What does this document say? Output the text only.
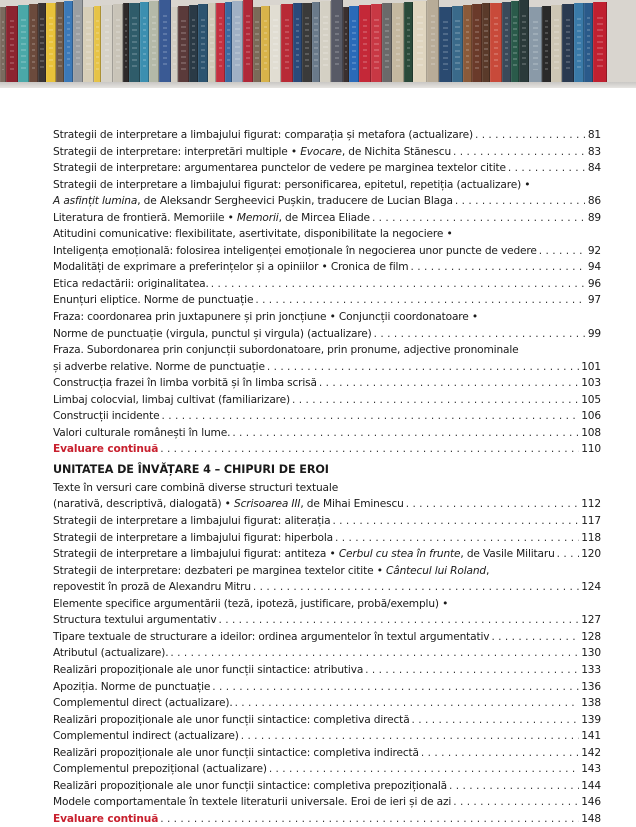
Strategii de interpretare a limbajului figurat: comparația și metafora (actualizare) . . .	81
Strategii de interpretare: interpretări multiple • Evocare, de Nichita Stănescu . . .	83
Strategii de interpretare: argumentarea punctelor de vedere pe marginea textelor citite . . .	84
Strategii de interpretare a limbajului figurat: personificarea, epitetul, repetiția (actualizare) •
A asfințit lumina, de Aleksandr Sergheevici Pușkin, traducere de Lucian Blaga . . .	86
Literatura de frontieră. Memoriile • Memorii, de Mircea Eliade . . .	89
Atitudini comunicative: flexibilitate, asertivitate, disponibilitate la negociere •
Inteligența emoțională: folosirea inteligenței emoționale în negocierea unor puncte de vedere . . .	92
Modalități de exprimare a preferințelor și a opiniilor • Cronica de film . . .	94
Etica redactării: originalitatea. . . .	96
Enunțuri eliptice. Norme de punctuație . . .	97
Fraza: coordonarea prin juxtapunere și prin joncțiune • Conjuncții coordonatoare •
Norme de punctuație (virgula, punctul și virgula) (actualizare) . . .	99
Fraza. Subordonarea prin conjuncții subordonatoare, prin pronume, adjective pronominale
și adverbe relative. Norme de punctuație . . .	101
Construcția frazei în limba vorbită și în limba scrisă . . .	103
Limbaj colocvial, limbaj cultivat (familiarizare) . . .	105
Construcții incidente . . .	106
Valori culturale românești în lume. . . .	108
Evaluare continuă . . .	110
UNITATEA DE ÎNVĂȚARE 4 – CHIPURI DE EROI
Texte în versuri care combină diverse structuri textuale
(narativă, descriptivă, dialogată) • Scrisoarea III, de Mihai Eminescu . . .	112
Strategii de interpretare a limbajului figurat: aliterația . . .	117
Strategii de interpretare a limbajului figurat: hiperbola . . .	118
Strategii de interpretare a limbajului figurat: antiteza • Cerbul cu stea în frunte, de Vasile Militaru . . .	120
Strategii de interpretare: dezbateri pe marginea textelor citite • Cântecul lui Roland,
repovestit în proză de Alexandru Mitru . . .	124
Elemente specifice argumentării (teză, ipoteză, justificare, probă/exemplu) •
Structura textului argumentativ . . .	127
Tipare textuale de structurare a ideilor: ordinea argumentelor în textul argumentativ . . .	128
Atributul (actualizare). . . .	130
Realizări propoziționale ale unor funcții sintactice: atributiva . . .	133
Apoziția. Norme de punctuație . . .	136
Complementul direct (actualizare). . . .	138
Realizări propoziționale ale unor funcții sintactice: completiva directă . . .	139
Complementul indirect (actualizare) . . .	141
Realizări propoziționale ale unor funcții sintactice: completiva indirectă . . .	142
Complementul prepozițional (actualizare) . . .	143
Realizări propoziționale ale unor funcții sintactice: completiva prepozițională . . .	144
Modele comportamentale în textele literaturii universale. Eroi de ieri și de azi . . .	146
Evaluare continuă . . .	148
